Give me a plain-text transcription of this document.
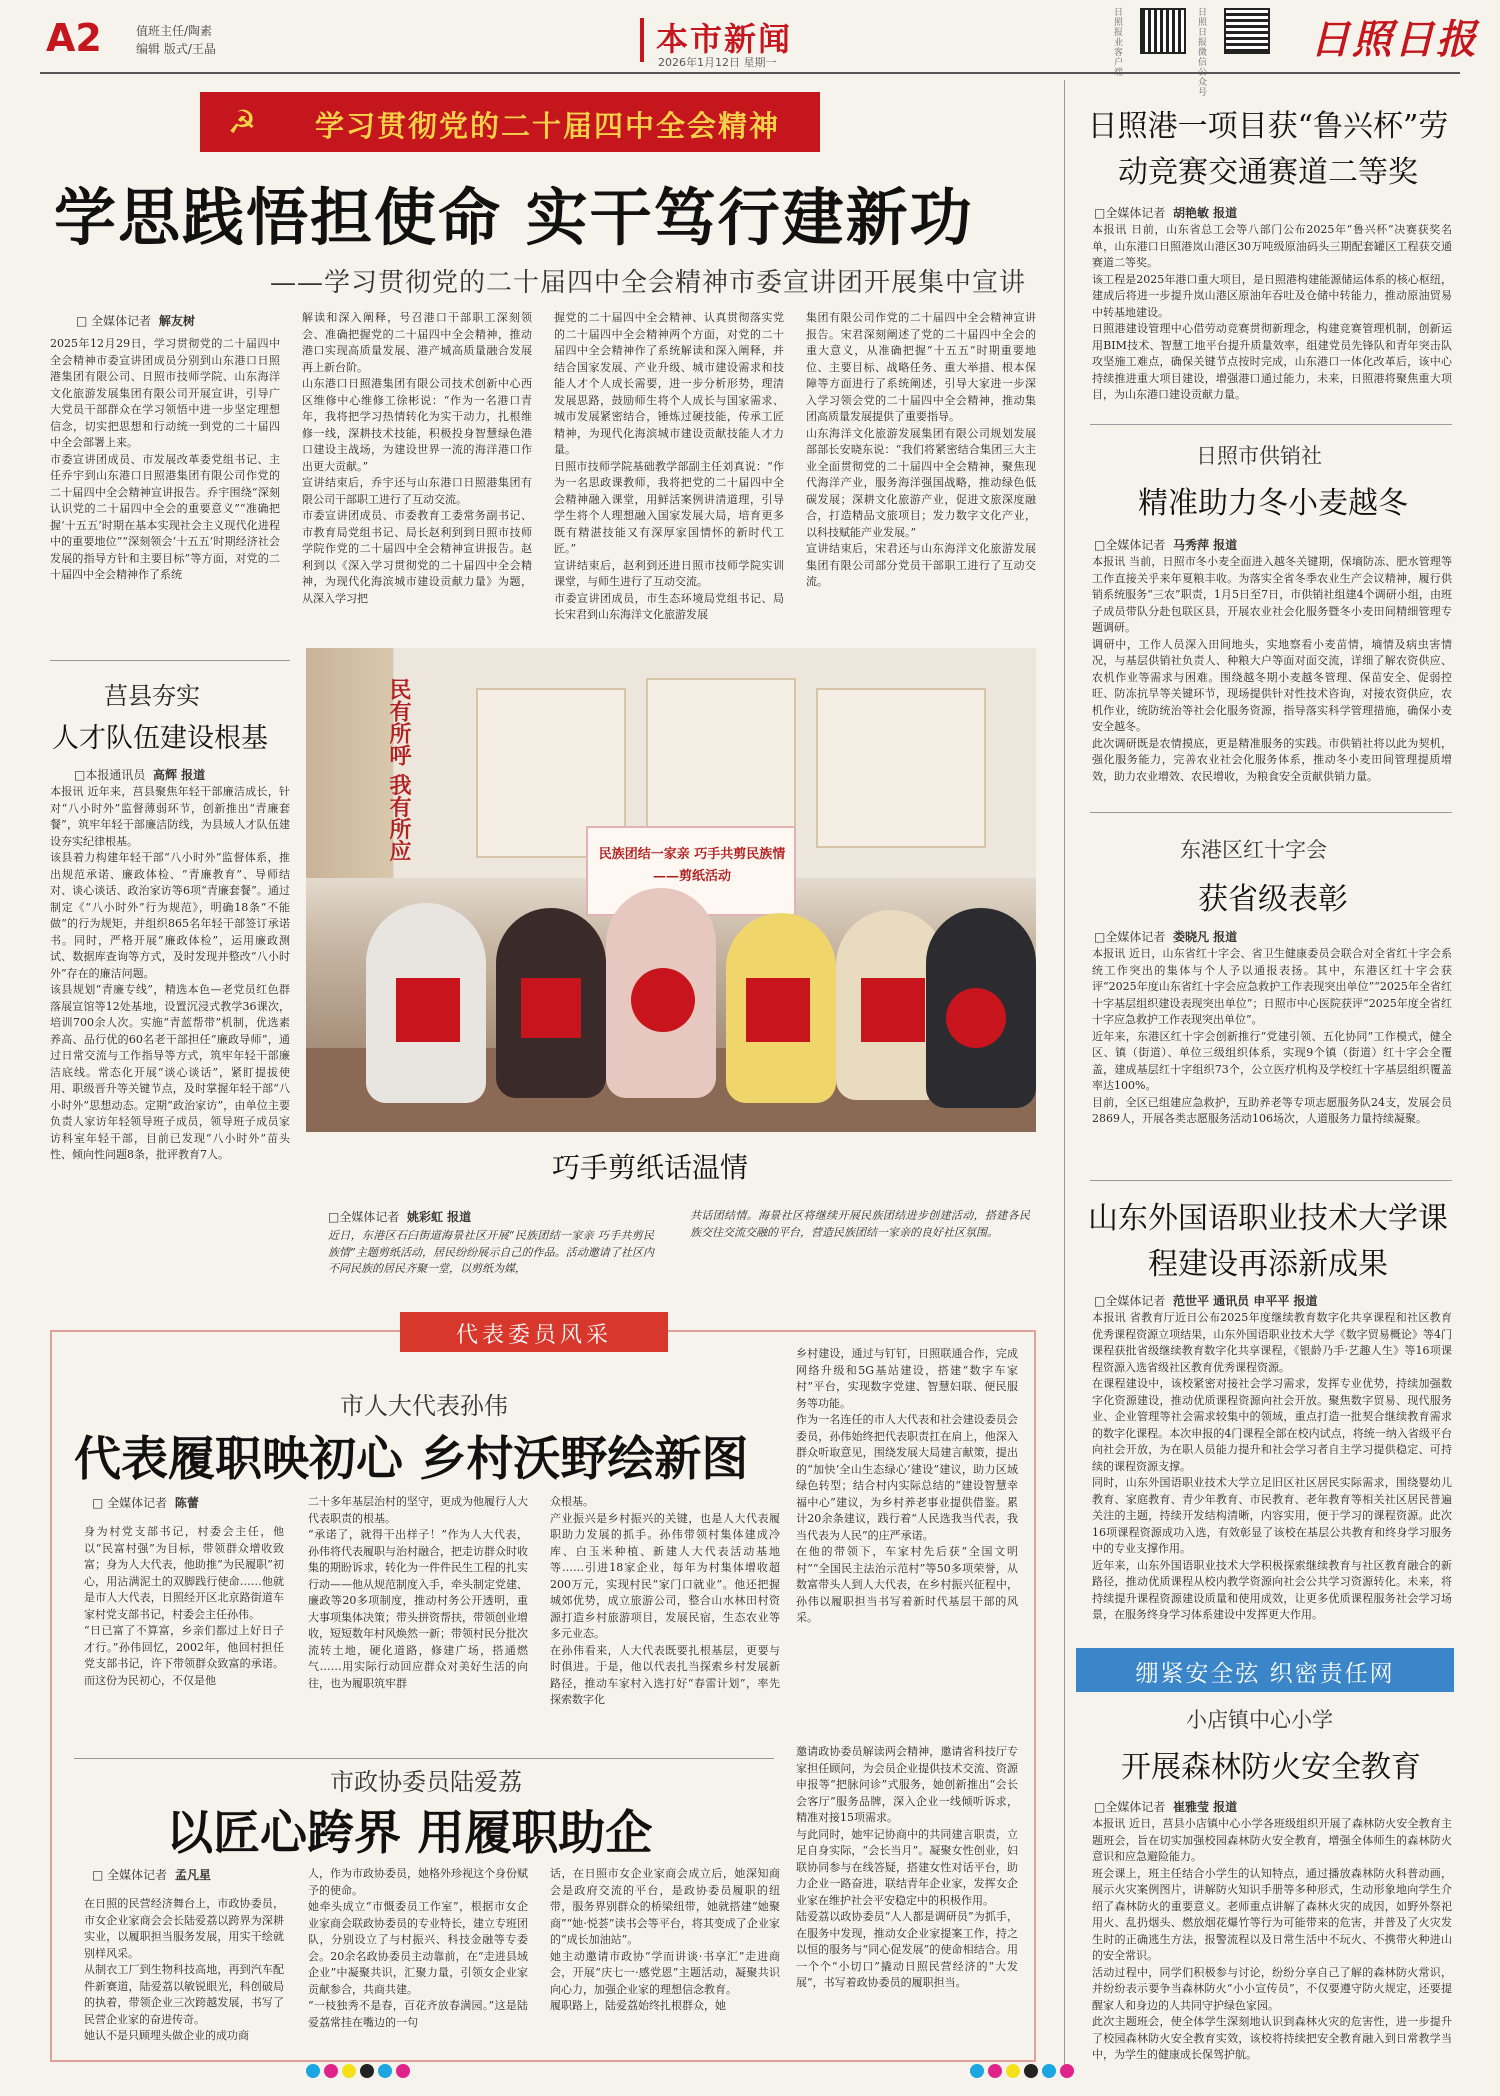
A2	值班主任/陶素
编辑 版式/王晶	本市新闻
2026年1月12日 星期一
日照报业客户
日照日报微信 众号
日照日报
☭ 学习贯彻党的二十届四中全会精神
学思践悟担使命 实干笃行建新功
——学习贯彻党的二十届四中全会精神市委宣讲团开展集中宣讲
□ 全媒体记者 解友树
2025年12月29日，学习贯彻党的二十届四中全会精神市委宣讲团成员分别到山东港口日照港集团有限公司、日照市技师学院、山东海洋文化旅游发展集团有限公司开展宣讲，引导广大党员干部群众在学习领悟中进一步坚定理想信念，切实把思想和行动统一到党的二十届四中全会部署上来。
市委宣讲团成员、市发展改革委党组书记、主任乔宇到山东港口日照港集团有限公司作党的二十届四中全会精神宣讲报告。乔宇围绕“深刻认识党的二十届四中全会的重要意义”“准确把握‘十五五’时期在基本实现社会主义现代化进程中的重要地位”“深刻领会‘十五五’时期经济社会发展的指导方针和主要目标”等方面，对党的二十届四中全会精神作了系统
解读和深入阐释，号召港口干部职工深刻领会、准确把握党的二十届四中全会精神，推动港口实现高质量发展、港产城高质量融合发展再上新台阶。
山东港口日照港集团有限公司技术创新中心西区维修中心维修工徐彬说：“作为一名港口青年，我将把学习热情转化为实干动力，扎根维修一线，深耕技术技能，积极投身智慧绿色港口建设主战场，为建设世界一流的海洋港口作出更大贡献。”
宣讲结束后，乔宇还与山东港口日照港集团有限公司干部职工进行了互动交流。
市委宣讲团成员、市委教育工委常务副书记、市教育局党组书记、局长赵利到到日照市技师学院作党的二十届四中全会精神宣讲报告。赵利到以《深入学习贯彻党的二十届四中全会精神，为现代化海滨城市建设贡献力量》为题，从深入学习把
握党的二十届四中全会精神、认真贯彻落实党的二十届四中全会精神两个方面，对党的二十届四中全会精神作了系统解读和深入阐释，并结合国家发展、产业升级、城市建设需求和技能人才个人成长需要，进一步分析形势，理清发展思路，鼓励师生将个人成长与国家需求、城市发展紧密结合，锤炼过硬技能，传承工匠精神，为现代化海滨城市建设贡献技能人才力量。
日照市技师学院基础教学部副主任刘真说：“作为一名思政课教师，我将把党的二十届四中全会精神融入课堂，用鲜活案例讲清道理，引导学生将个人理想融入国家发展大局，培育更多既有精湛技能又有深厚家国情怀的新时代工匠。”
宣讲结束后，赵利到还进日照市技师学院实训课堂，与师生进行了互动交流。
市委宣讲团成员，市生态环境局党组书记、局长宋君到山东海洋文化旅游发展
集团有限公司作党的二十届四中全会精神宣讲报告。宋君深刻阐述了党的二十届四中全会的重大意义，从准确把握“十五五”时期重要地位、主要目标、战略任务、重大举措、根本保障等方面进行了系统阐述，引导大家进一步深入学习领会党的二十届四中全会精神，推动集团高质量发展提供了重要指导。
山东海洋文化旅游发展集团有限公司规划发展部部长安晓东说：“我们将紧密结合集团三大主业全面贯彻党的二十届四中全会精神，聚焦现代海洋产业，服务海洋强国战略，推动绿色低碳发展；深耕文化旅游产业，促进文旅深度融合，打造精品文旅项目；发力数字文化产业，以科技赋能产业发展。”
宣讲结束后，宋君还与山东海洋文化旅游发展集团有限公司部分党员干部职工进行了互动交流。
莒县夯实
人才队伍建设根基
□本报通讯员 高辉 报道
本报讯 近年来，莒县聚焦年轻干部廉洁成长，针对“八小时外”监督薄弱环节，创新推出“青廉套餐”，筑牢年轻干部廉洁防线，为县域人才队伍建设夯实纪律根基。
该县着力构建年轻干部“八小时外”监督体系，推出规范承诺、廉政体检、“青廉教育”、导师结对、谈心谈话、政治家访等6项“青廉套餐”。通过制定《“八小时外”行为规范》，明确18条“不能做”的行为规矩，并组织865名年轻干部签订承诺书。同时，严格开展“廉政体检”，运用廉政测试、数据库查询等方式，及时发现并整改“八小时外”存在的廉洁问题。
该县规划“青廉专线”，精选本色—老党员红色群落展宣馆等12处基地，设置沉浸式教学36课次，培训700余人次。实施“青蓝帮带”机制，优选素养高、品行优的60名老干部担任“廉政导师”，通过日常交流与工作指导等方式，筑牢年轻干部廉洁底线。常态化开展“谈心谈话”，紧盯提拔使用、职级晋升等关键节点，及时掌握年轻干部“八小时外”思想动态。定期“政治家访”，由单位主要负责人家访年轻领导班子成员，领导班子成员家访科室年轻干部，目前已发现“八小时外”苗头性、倾向性问题8条，批评教育7人。
民有所呼 我有所应	民族团结一家亲 巧手共剪民族情 ——剪纸活动
巧手剪纸话温情
□全媒体记者 姚彩虹 报道
近日，东港区石臼街道海景社区开展“民族团结一家亲 巧手共剪民族情”主题剪纸活动，居民纷纷展示自己的作品。活动邀请了社区内不同民族的居民齐聚一堂，以剪纸为媒，
共话团结情。海景社区将继续开展民族团结进步创建活动，搭建各民族交往交流交融的平台，营造民族团结一家亲的良好社区氛围。
代表委员风采
市人大代表孙伟
代表履职映初心 乡村沃野绘新图
□ 全媒体记者 陈蕾
身为村党支部书记，村委会主任，他以“民富村强”为目标，带领群众增收致富；身为人大代表，他助推“为民履职”初心，用沾满泥土的双脚践行使命……他就是市人大代表，日照经开区北京路街道车家村党支部书记，村委会主任孙伟。
“日已富了不算富，乡亲们都过上好日子才行。”孙伟回忆，2002年，他回村担任党支部书记，许下带领群众致富的承诺。而这份为民初心，不仅是他
二十多年基层治村的坚守，更成为他履行人大代表职责的根基。
“承诺了，就得干出样子！”作为人大代表，孙伟将代表履职与治村融合，把走访群众时收集的期盼诉求，转化为一件件民生工程的扎实行动——他从规范制度入手，牵头制定党建、廉政等20多项制度，推动村务公开透明，重大事项集体决策；带头拼资帮扶，带领创业增收，短短数年村风焕然一新；带领村民分批次流转土地，硬化道路，修建广场，搭通燃气……用实际行动回应群众对美好生活的向往，也为履职筑牢群
众根基。
产业振兴是乡村振兴的关键，也是人大代表履职助力发展的抓手。孙伟带领村集体建成冷库、白玉米种植、新建人大代表活动基地等……引进18家企业，每年为村集体增收超200万元，实现村民“家门口就业”。他还把握城郊优势，成立旅游公司，整合山水林田村资源打造乡村旅游项目，发展民宿，生态农业等多元业态。
在孙伟看来，人大代表既要扎根基层，更要与时俱进。于是，他以代表扎当探索乡村发展新路径，推动车家村入选打好“春雷计划”，率先探索数字化
乡村建设，通过与钉钉，日照联通合作，完成网络升级和5G基站建设，搭建“数字车家村”平台，实现数字党建、智慧妇联、便民服务等功能。
作为一名连任的市人大代表和社会建设委员会委员，孙伟始终把代表职责扛在肩上，他深入群众听取意见，围绕发展大局建言献策，提出的“加快‘全山生态绿心’建设”建议，助力区域绿色转型；结合村内实际总结的“建设智慧幸福中心”建议，为乡村养老事业提供借鉴。累计20余条建议，践行着“人民选我当代表，我当代表为人民”的庄严承诺。
在他的带领下，车家村先后获“全国文明村”“全国民主法治示范村”等50多项荣誉，从数富带头人到人大代表，在乡村振兴征程中，孙伟以履职担当书写着新时代基层干部的风采。
市政协委员陆爱荔
以匠心跨界 用履职助企
□ 全媒体记者 孟凡星
在日照的民营经济舞台上，市政协委员，市女企业家商会会长陆爱荔以跨界为深耕实业，以履职担当服务发展，用实干绘就别样风采。
从制衣工厂到生物科技高地，再到汽车配件新赛道，陆爱荔以敏锐眼光，科创破局的执着，带领企业三次跨越发展，书写了民营企业家的奋进传奇。
她认不是只顾埋头做企业的成功商
人，作为市政协委员，她格外珍视这个身份赋予的使命。
她牵头成立“市慨委员工作室”，根据市女企业家商会联政协委员的专业特长，建立专班团队，分别设立了与村振兴、科技金融等专委会。20余名政协委员主动靠前，在“走进县域企业”中凝聚共识，汇聚力量，引领女企业家贡献参合，共商共建。
“一枝独秀不是春，百花齐放春满园。”这是陆爱荔常挂在嘴边的一句
话，在日照市女企业家商会成立后，她深知商会是政府交流的平台，是政协委员履职的纽带，服务界别群众的桥梁纽带，她就搭建“她聚商”“她·悦荟”读书会等平台，将其变成了企业家的“成长加油站”。
她主动邀请市政协“学而讲谈·书享汇”走进商会，开展“庆七一·感党恩”主题活动，凝聚共识向心力，加强企业家的理想信念教育。
履职路上，陆爱荔始终扎根群众，她
邀请政协委员解读两会精神，邀请省科技厅专家担任顾问，为会员企业提供技术交流、资源申报等“把脉问诊”式服务，她创新推出“会长会客厅”服务品牌，深入企业一线倾听诉求，精准对接15项需求。
与此同时，她牢记协商中的共同建言职责，立足自身实际，“会长当月”。凝聚女性创业，妇联协同参与在线答疑，搭建女性对话平台，助力企业一路奋进，联结青年企业家，发挥女企业家在维护社会平安稳定中的积极作用。
陆爱荔以政协委员“人人都是调研员”为抓手，在服务中发现，推动女企业家提案工作，持之以恒的服务与“同心促发展”的使命相结合。用一个个“小切口”撬动日照民营经济的“大发展”，书写着政协委员的履职担当。
日照港一项目获“鲁兴杯”劳动竞赛交通赛道二等奖
□全媒体记者 胡艳敏 报道
本报讯 日前，山东省总工会等八部门公布2025年“鲁兴杯”决赛获奖名单，山东港口日照港岚山港区30万吨级原油码头三期配套罐区工程获交通赛道二等奖。
该工程是2025年港口重大项目，是日照港构建能源储运体系的核心枢纽，建成后将进一步提升岚山港区原油年吞吐及仓储中转能力，推动原油贸易中转基地建设。
日照港建设管理中心借劳动竞赛贯彻新理念，构建竞赛管理机制，创新运用BIM技术、智慧工地平台提升质量效率，组建党员先锋队和青年突击队攻坚施工难点，确保关键节点按时完成，山东港口一体化改革后，该中心持续推进重大项目建设，增强港口通过能力，未来，日照港将聚焦重大项目，为山东港口建设贡献力量。
日照市供销社
精准助力冬小麦越冬
□全媒体记者 马秀萍 报道
本报讯 当前，日照市冬小麦全面进入越冬关键期，保墒防冻、肥水管理等工作直接关乎来年夏粮丰收。为落实全省冬季农业生产会议精神，履行供销系统服务“三农”职责，1月5日至7日，市供销社组建4个调研小组，由班子成员带队分赴包联区县，开展农业社会化服务暨冬小麦田间精细管理专题调研。
调研中，工作人员深入田间地头，实地察看小麦苗情，墒情及病虫害情况，与基层供销社负责人、种粮大户等面对面交流，详细了解农资供应、农机作业等需求与困难。围绕越冬期小麦越冬管理、保苗安全、促弱控旺、防冻抗旱等关键环节，现场提供针对性技术咨询，对接农资供应，农机作业，统防统治等社会化服务资源，指导落实科学管理措施，确保小麦安全越冬。
此次调研既是农情摸底，更是精准服务的实践。市供销社将以此为契机，强化服务能力，完善农业社会化服务体系，推动冬小麦田间管理提质增效，助力农业增效、农民增收，为粮食安全贡献供销力量。
东港区红十字会
获省级表彰
□全媒体记者 娄晓凡 报道
本报讯 近日，山东省红十字会、省卫生健康委员会联合对全省红十字会系统工作突出的集体与个人予以通报表扬。其中，东港区红十字会获评“2025年度山东省红十字会应急救护工作表现突出单位”“2025年全省红十字基层组织建设表现突出单位”；日照市中心医院获评“2025年度全省红十字应急救护工作表现突出单位”。
近年来，东港区红十字会创新推行“党建引领、五化协同”工作模式，健全区、镇（街道）、单位三级组织体系，实现9个镇（街道）红十字会全覆盖，建成基层红十字组织73个，公立医疗机构及学校红十字基层组织覆盖率达100%。
目前，全区已组建应急救护，互助养老等专项志愿服务队24支，发展会员2869人，开展各类志愿服务活动106场次，人道服务力量持续凝聚。
山东外国语职业技术大学课程建设再添新成果
□全媒体记者 范世平 通讯员 申平平 报道
本报讯 省教育厅近日公布2025年度继续教育数字化共享课程和社区教育优秀课程资源立项结果，山东外国语职业技术大学《数字贸易概论》等4门课程获批省级继续教育数字化共享课程，《银龄乃手·艺趣人生》等16项课程资源入选省级社区教育优秀课程资源。
在课程建设中，该校紧密对接社会学习需求，发挥专业优势，持续加强数字化资源建设，推动优质课程资源向社会开放。聚焦数字贸易、现代服务业、企业管理等社会需求较集中的领域，重点打造一批契合继续教育需求的数字化课程。本次申报的4门课程全部在校内试点，将统一纳入省级平台向社会开放，为在职人员能力提升和社会学习者自主学习提供稳定、可持续的课程资源支撑。
同时，山东外国语职业技术大学立足旧区社区居民实际需求，围绕婴幼儿教育、家庭教育、青少年教育、市民教育、老年教育等相关社区居民普遍关注的主题，持续开发结构清晰，内容实用，便于学习的课程资源。此次16项课程资源成功入选，有效彰显了该校在基层公共教育和终身学习服务中的专业支撑作用。
近年来，山东外国语职业技术大学积极探索继续教育与社区教育融合的新路径，推动优质课程从校内教学资源向社会公共学习资源转化。未来，将持续提升课程资源建设质量和使用成效，让更多优质课程服务社会学习场景，在服务终身学习体系建设中发挥更大作用。
绷紧安全弦 织密责任网
小店镇中心小学
开展森林防火安全教育
□全媒体记者 崔雅莹 报道
本报讯 近日，莒县小店镇中心小学各班级组织开展了森林防火安全教育主题班会，旨在切实加强校园森林防火安全教育，增强全体师生的森林防火意识和应急避险能力。
班会课上，班主任结合小学生的认知特点，通过播放森林防火科普动画，展示火灾案例图片，讲解防火知识手册等多种形式，生动形象地向学生介绍了森林防火的重要意义。老师重点讲解了森林火灾的成因，如野外祭祀用火、乱扔烟头、燃放烟花爆竹等行为可能带来的危害，并普及了火灾发生时的正确逃生方法，报警流程以及日常生活中不玩火、不携带火种进山的安全常识。
活动过程中，同学们积极参与讨论，纷纷分享自己了解的森林防火常识，并纷纷表示要争当森林防火“小小宣传员”，不仅要遵守防火规定，还要提醒家人和身边的人共同守护绿色家园。
此次主题班会，使全体学生深刻地认识到森林火灾的危害性，进一步提升了校园森林防火安全教育实效，该校将持续把安全教育融入到日常教学当中，为学生的健康成长保驾护航。
